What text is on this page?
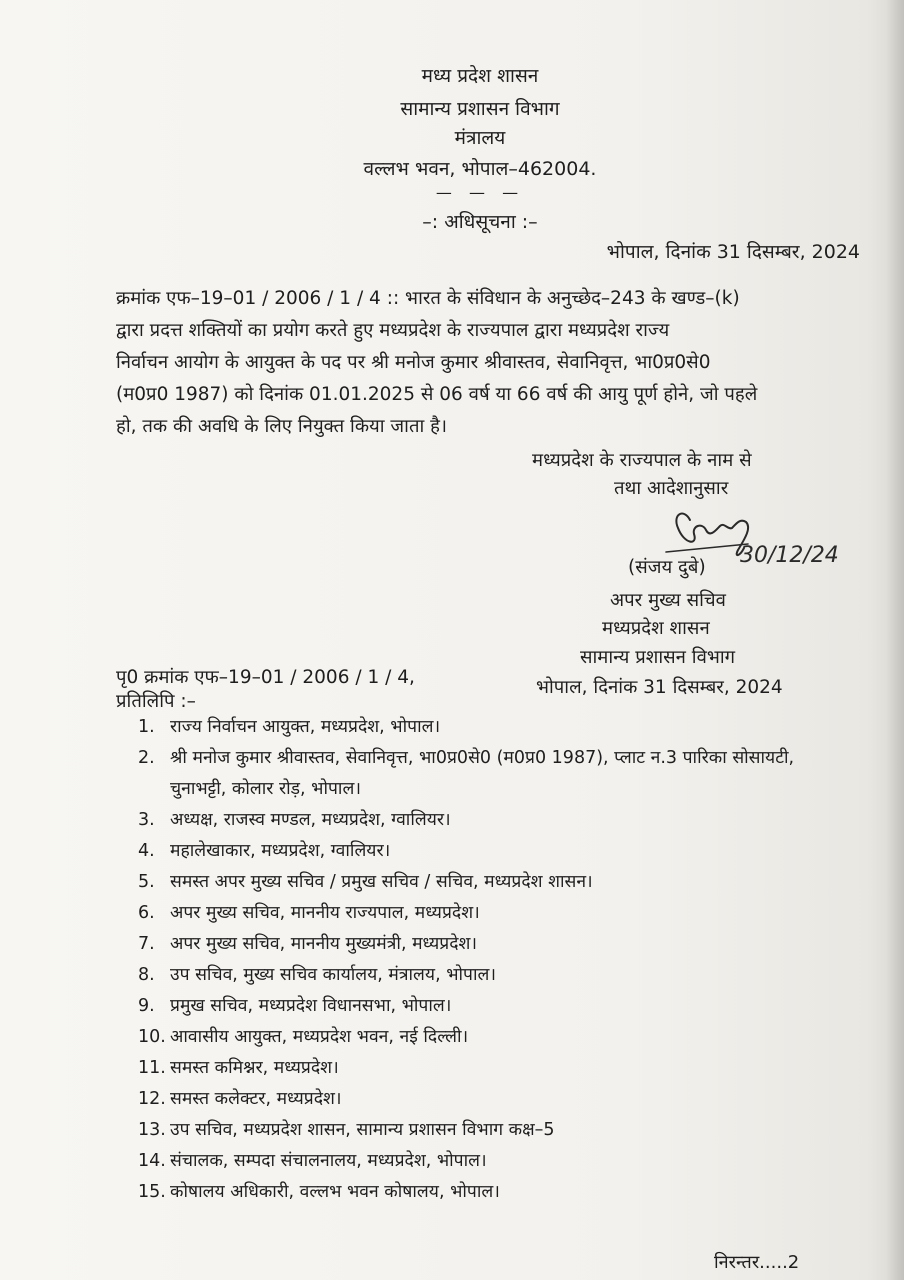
मध्य प्रदेश शासन
सामान्य प्रशासन विभाग
मंत्रालय
वल्लभ भवन, भोपाल–462004.
— — —
–: अधिसूचना :–
भोपाल, दिनांक 31 दिसम्बर, 2024
क्रमांक एफ–19–01 / 2006 / 1 / 4 :: भारत के संविधान के अनुच्छेद–243 के खण्ड–(k)
द्वारा प्रदत्त शक्तियों का प्रयोग करते हुए मध्यप्रदेश के राज्यपाल द्वारा मध्यप्रदेश राज्य
निर्वाचन आयोग के आयुक्त के पद पर श्री मनोज कुमार श्रीवास्तव, सेवानिवृत्त, भा0प्र0से0
(म0प्र0 1987) को दिनांक 01.01.2025 से 06 वर्ष या 66 वर्ष की आयु पूर्ण होने, जो पहले
हो, तक की अवधि के लिए नियुक्त किया जाता है।
मध्यप्रदेश के राज्यपाल के नाम से
तथा आदेशानुसार
30/12/24
(संजय दुबे)
अपर मुख्य सचिव
मध्यप्रदेश शासन
सामान्य प्रशासन विभाग
भोपाल, दिनांक 31 दिसम्बर, 2024
पृ0 क्रमांक एफ–19–01 / 2006 / 1 / 4,
प्रतिलिपि :–
1. राज्य निर्वाचन आयुक्त, मध्यप्रदेश, भोपाल।
2. श्री मनोज कुमार श्रीवास्तव, सेवानिवृत्त, भा0प्र0से0 (म0प्र0 1987), प्लाट न.3 पारिका सोसायटी, चुनाभट्टी, कोलार रोड़, भोपाल।
3. अध्यक्ष, राजस्व मण्डल, मध्यप्रदेश, ग्वालियर।
4. महालेखाकार, मध्यप्रदेश, ग्वालियर।
5. समस्त अपर मुख्य सचिव / प्रमुख सचिव / सचिव, मध्यप्रदेश शासन।
6. अपर मुख्य सचिव, माननीय राज्यपाल, मध्यप्रदेश।
7. अपर मुख्य सचिव, माननीय मुख्यमंत्री, मध्यप्रदेश।
8. उप सचिव, मुख्य सचिव कार्यालय, मंत्रालय, भोपाल।
9. प्रमुख सचिव, मध्यप्रदेश विधानसभा, भोपाल।
10. आवासीय आयुक्त, मध्यप्रदेश भवन, नई दिल्ली।
11. समस्त कमिश्नर, मध्यप्रदेश।
12. समस्त कलेक्टर, मध्यप्रदेश।
13. उप सचिव, मध्यप्रदेश शासन, सामान्य प्रशासन विभाग कक्ष–5
14. संचालक, सम्पदा संचालनालय, मध्यप्रदेश, भोपाल।
15. कोषालय अधिकारी, वल्लभ भवन कोषालय, भोपाल।
निरन्तर.....2
